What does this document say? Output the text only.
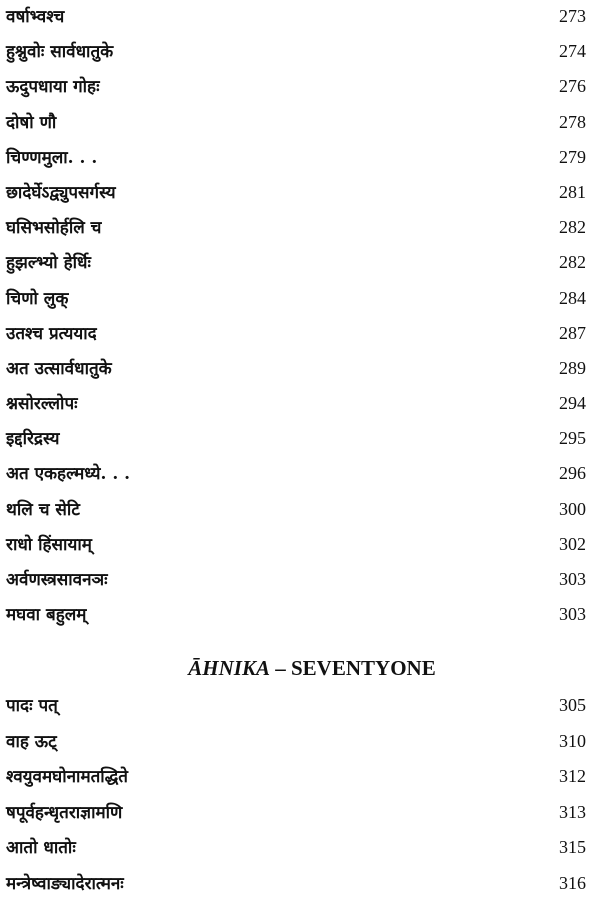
वर्षाभ्वश्च	273
हुश्नुवोः सार्वधातुके	274
ऊदुपधाया गोहः	276
दोषो णौ	278
चिण्णमुला. . .	279
छादेर्घेऽद्व्युपसर्गस्य	281
घसिभसोर्हलि च	282
हुझल्भ्यो हेर्धिः	282
चिणो लुक्	284
उतश्च प्रत्ययाद	287
अत उत्सार्वधातुके	289
श्नसोरल्लोपः	294
इद्दरिद्रस्य	295
अत एकहल्मध्ये. . .	296
थलि च सेटि	300
राधो हिंसायाम्	302
अर्वणस्त्रसावनञः	303
मघवा बहुलम्	303
ĀHNIKA – SEVENTYONE
पादः पत्	305
वाह ऊट्	310
श्वयुवमघोनामतद्धिते	312
षपूर्वहन्धृतराज्ञामणि	313
आतो धातोः	315
मन्त्रेष्वाङ्यादेरात्मनः	316
